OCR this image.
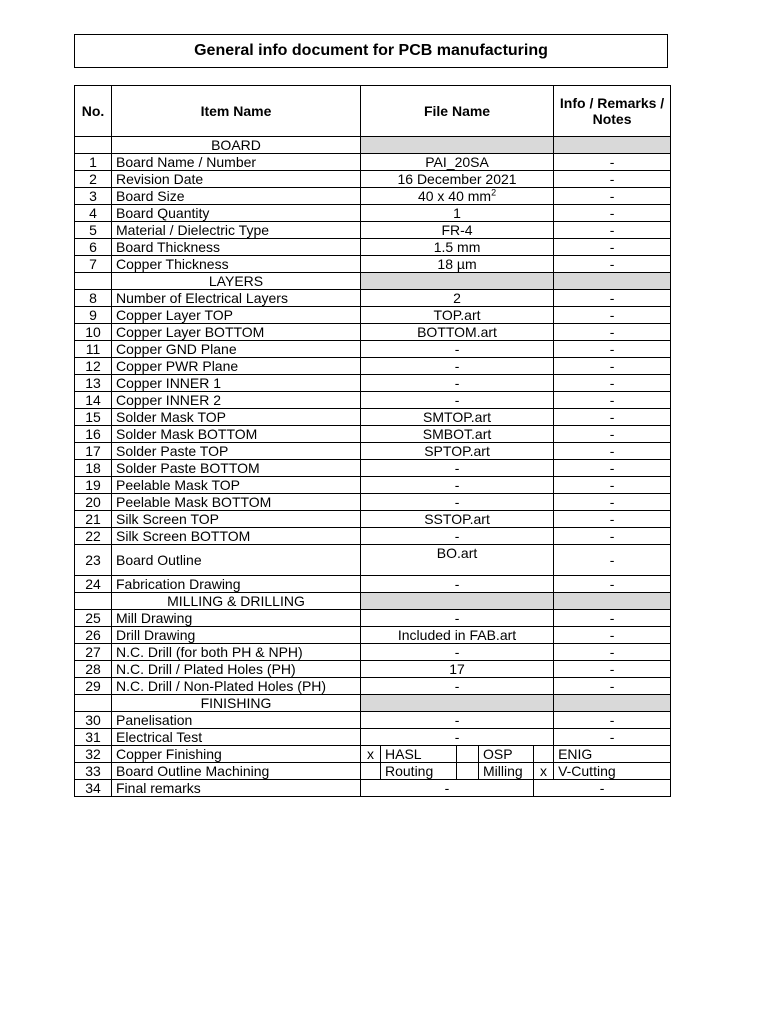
General info document for PCB manufacturing
No.	Item Name	File Name					Info / Remarks / Notes
	BOARD						
1	Board Name / Number	PAI_20SA					-
2	Revision Date	16 December 2021					-
3	Board Size	40 x 40 $mm^2$					-
4	Board Quantity	1					-
5	Material / Dielectric Type	FR-4					-
6	Board Thickness	1.5 mm					-
7	Copper Thickness	18 µm					-
	LAYERS						
8	Number of Electrical Layers	2					-
9	Copper Layer TOP	TOP.art					-
10	Copper Layer BOTTOM	BOTTOM.art					-
11	Copper GND Plane	-					-
12	Copper PWR Plane	-					-
13	Copper INNER 1	-					-
14	Copper INNER 2	-					-
15	Solder Mask TOP	SMTOP.art					-
16	Solder Mask BOTTOM	SMBOT.art					-
17	Solder Paste TOP	SPTOP.art					-
18	Solder Paste BOTTOM	-					-
19	Peelable Mask TOP	-					-
20	Peelable Mask BOTTOM	-					-
21	Silk Screen TOP	SSTOP.art					-
22	Silk Screen BOTTOM	-					-
23	Board Outline	BO.art					-
24	Fabrication Drawing	-					-
	MILLING & DRILLING						
25	Mill Drawing	-					-
26	Drill Drawing	Included in FAB.art					-
27	N.C. Drill (for both PH & NPH)	-					-
28	N.C. Drill / Plated Holes (PH)	17					-
29	N.C. Drill / Non-Plated Holes (PH)	-					-
	FINISHING						
30	Panelisation	-					-
31	Electrical Test	-					-
32	Copper Finishing	x	HASL		OSP		ENIG
33	Board Outline Machining		Routing		Milling	x	V-Cutting
34	Final remarks	-				-	
